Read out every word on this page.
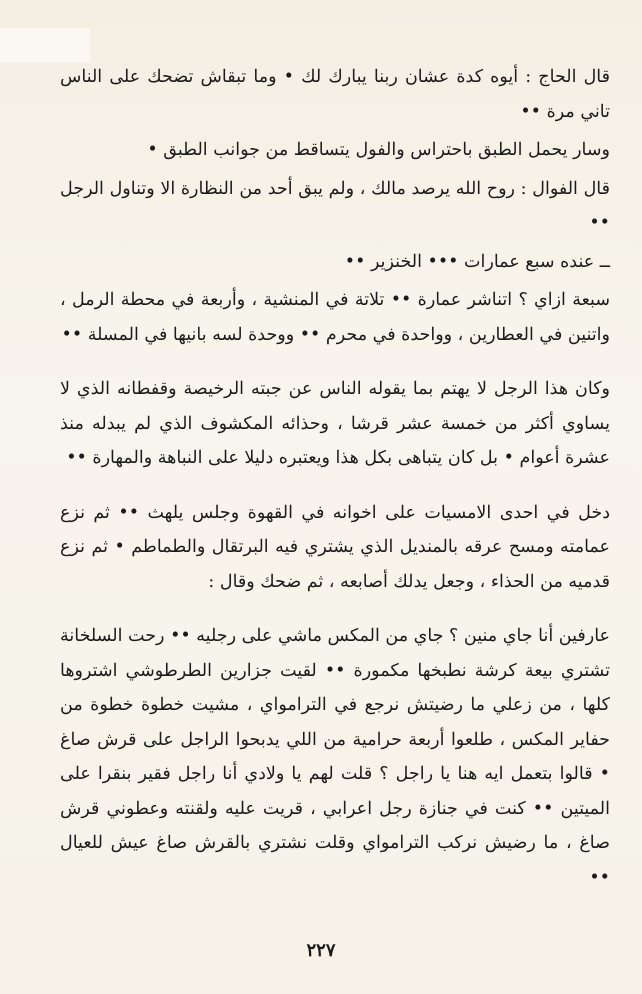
قال الحاج : أيوه كدة عشان ربنا يبارك لك • وما تبقاش تضحك على الناس تاني مرة ••

وسار يحمل الطبق باحتراس والفول يتساقط من جوانب الطبق •

قال الفوال : روح الله يرصد مالك ، ولم يبق أحد من النظارة الا وتناول الرجل ••

ــ عنده سبع عمارات ••• الخنزير ••

سبعة ازاي ؟ اتناشر عمارة •• تلاتة في المنشية ، وأربعة في محطة الرمل ، واتنين في العطارين ، وواحدة في محرم •• ووحدة لسه بانيها في المسلة ••

وكان هذا الرجل لا يهتم بما يقوله الناس عن جبته الرخيصة وقفطانه الذي لا يساوي أكثر من خمسة عشر قرشا ، وحذائه المكشوف الذي لم يبدله منذ عشرة أعوام • بل كان يتباهى بكل هذا ويعتبره دليلا على النباهة والمهارة ••

دخل في احدى الامسيات على اخوانه في القهوة وجلس يلهث •• ثم نزع عمامته ومسح عرقه بالمنديل الذي يشتري فيه البرتقال والطماطم • ثم نزع قدميه من الحذاء ، وجعل يدلك أصابعه ، ثم ضحك وقال :

عارفين أنا جاي منين ؟ جاي من المكس ماشي على رجليه •• رحت السلخانة تشتري بيعة كرشة نطبخها مكمورة •• لقيت جزارين الطرطوشي اشتروها كلها ، من زعلي ما رضيتش نرجع في الترامواي ، مشيت خطوة خطوة من حفاير المكس ، طلعوا أربعة حرامية من اللي يدبحوا الراجل على قرش صاغ • قالوا بتعمل ايه هنا يا راجل ؟ قلت لهم يا ولادي أنا راجل فقير بنقرا على الميتين •• كنت في جنازة رجل اعرابي ، قريت عليه ولقنته وعطوني قرش صاغ ، ما رضيش نركب الترامواي وقلت نشتري بالقرش صاغ عيش للعيال ••

٢٢٧
